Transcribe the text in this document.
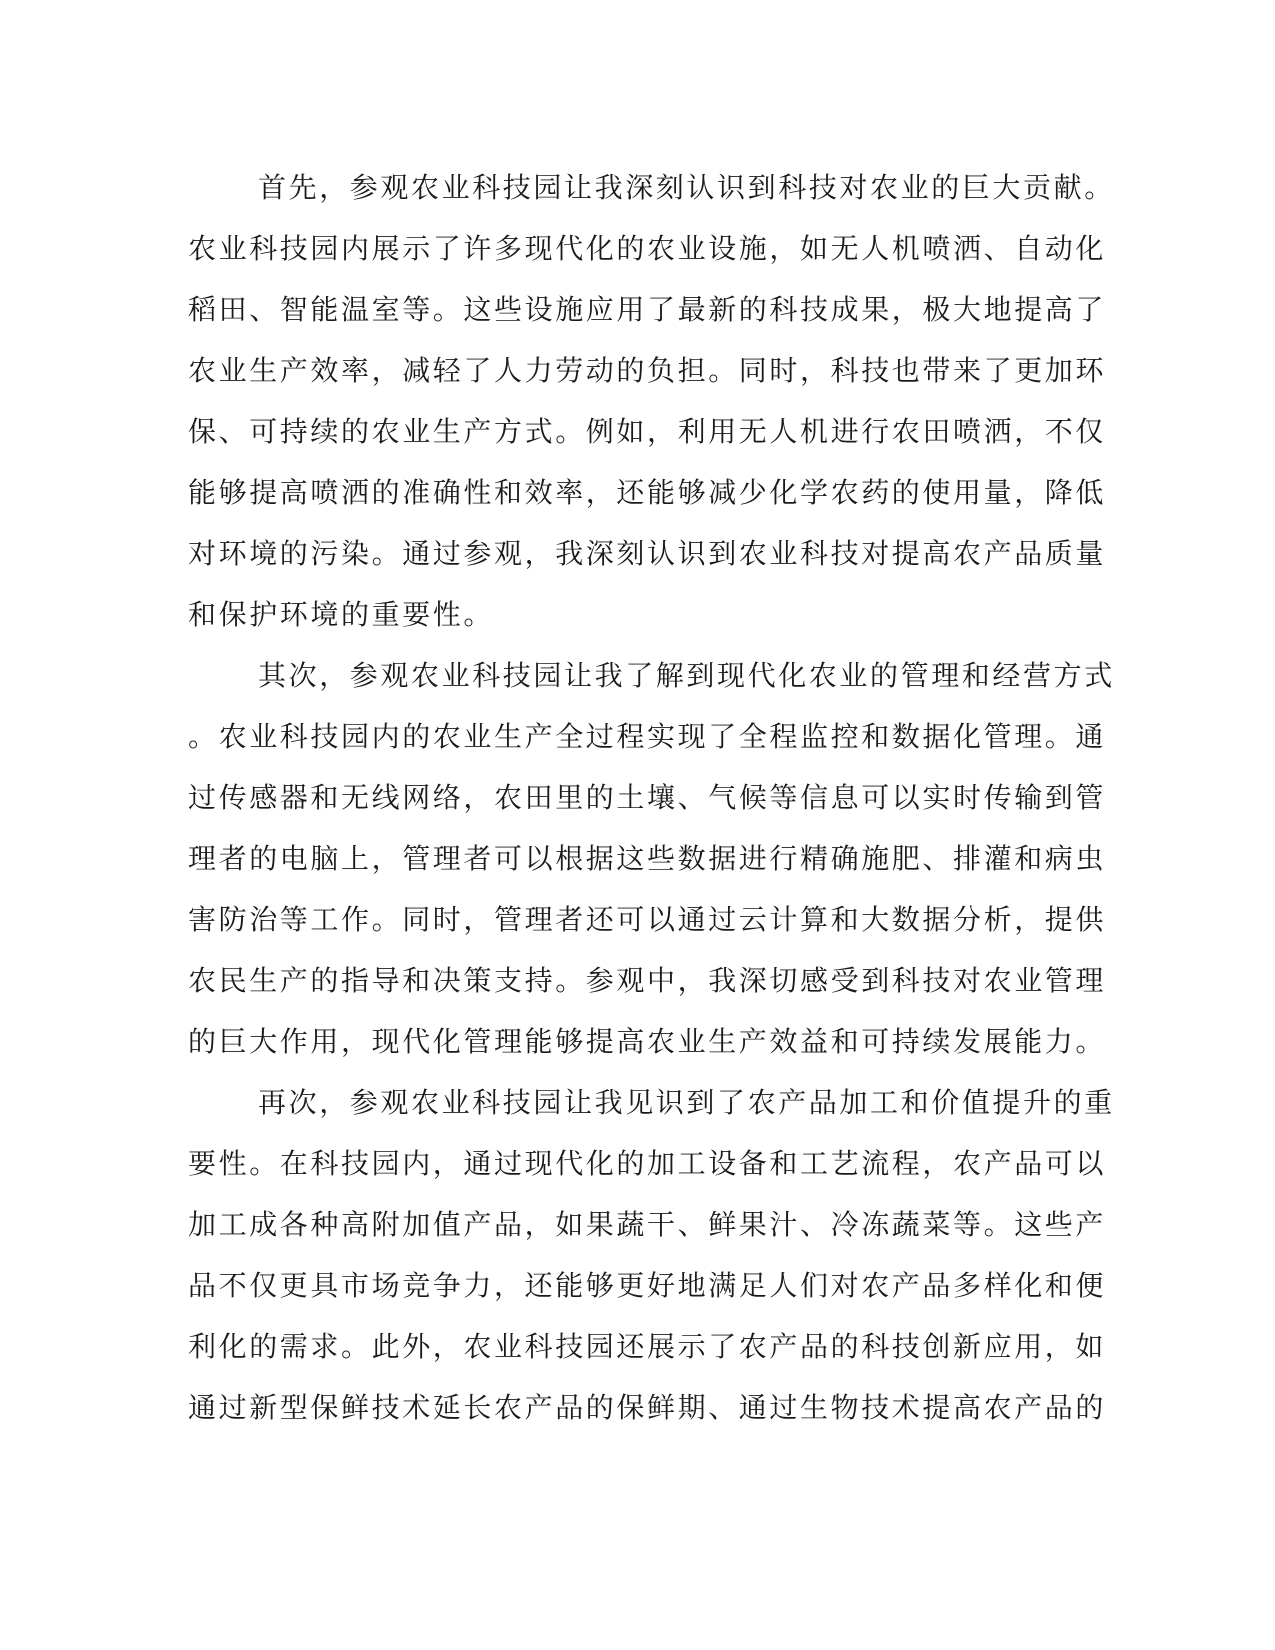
首先，参观农业科技园让我深刻认识到科技对农业的巨大贡献。
农业科技园内展示了许多现代化的农业设施，如无人机喷洒、自动化
稻田、智能温室等。这些设施应用了最新的科技成果，极大地提高了
农业生产效率，减轻了人力劳动的负担。同时，科技也带来了更加环
保、可持续的农业生产方式。例如，利用无人机进行农田喷洒，不仅
能够提高喷洒的准确性和效率，还能够减少化学农药的使用量，降低
对环境的污染。通过参观，我深刻认识到农业科技对提高农产品质量
和保护环境的重要性。
其次，参观农业科技园让我了解到现代化农业的管理和经营方式
。农业科技园内的农业生产全过程实现了全程监控和数据化管理。通
过传感器和无线网络，农田里的土壤、气候等信息可以实时传输到管
理者的电脑上，管理者可以根据这些数据进行精确施肥、排灌和病虫
害防治等工作。同时，管理者还可以通过云计算和大数据分析，提供
农民生产的指导和决策支持。参观中，我深切感受到科技对农业管理
的巨大作用，现代化管理能够提高农业生产效益和可持续发展能力。
再次，参观农业科技园让我见识到了农产品加工和价值提升的重
要性。在科技园内，通过现代化的加工设备和工艺流程，农产品可以
加工成各种高附加值产品，如果蔬干、鲜果汁、冷冻蔬菜等。这些产
品不仅更具市场竞争力，还能够更好地满足人们对农产品多样化和便
利化的需求。此外，农业科技园还展示了农产品的科技创新应用，如
通过新型保鲜技术延长农产品的保鲜期、通过生物技术提高农产品的
